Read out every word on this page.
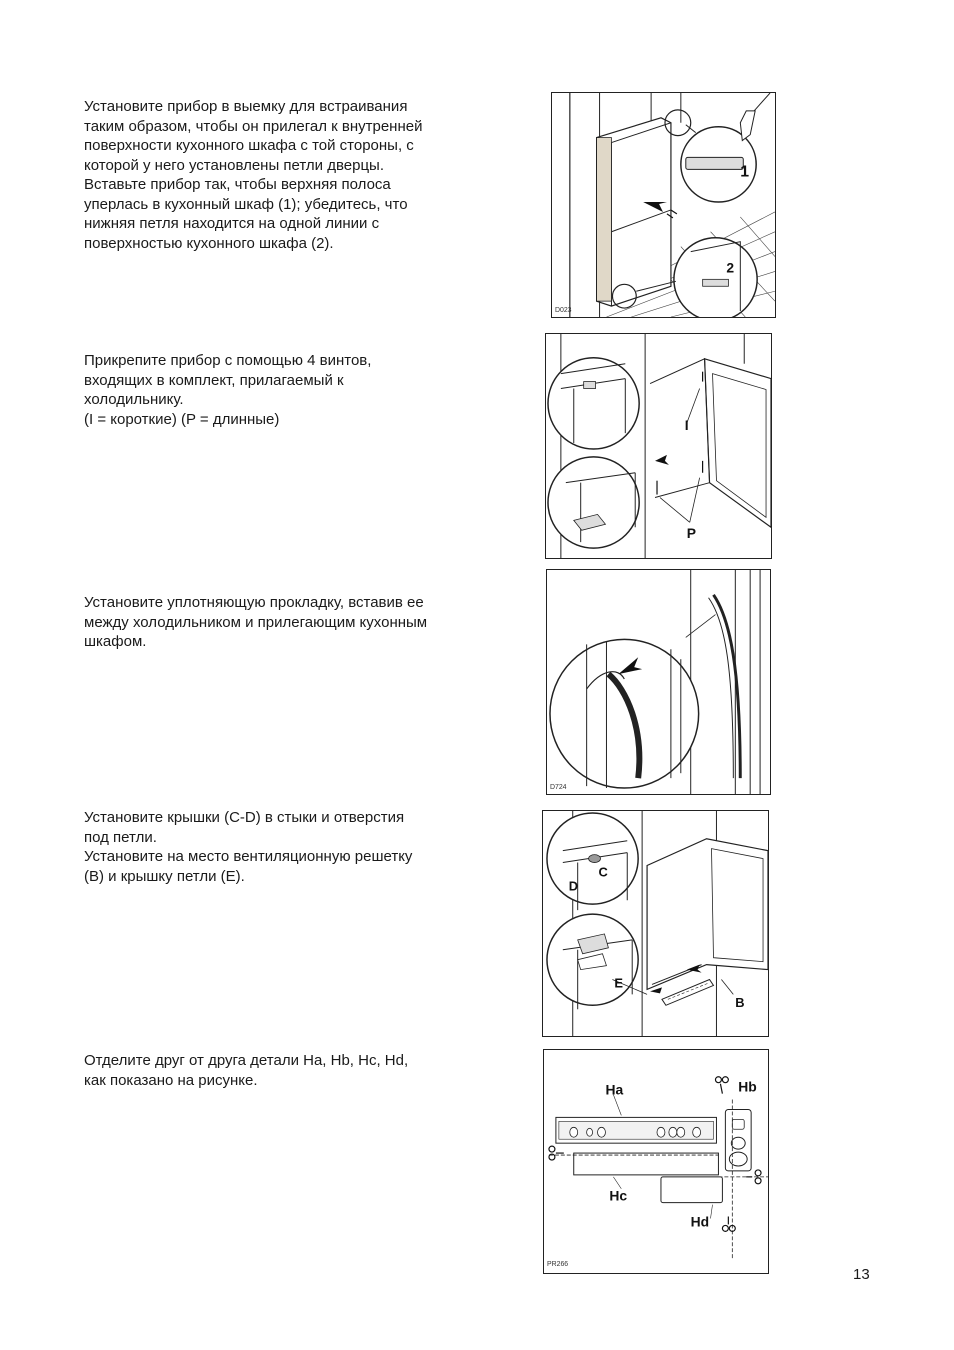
Установите прибор в выемку для встраивания

таким образом, чтобы он прилегал к внутренней

поверхности кухонного шкафа с той стороны, с

которой у него установлены петли дверцы.

Вставьте прибор так, чтобы верхняя полоса

уперлась в кухонный шкаф (1); убедитесь, что

нижняя петля находится на одной линии с

поверхностью кухонного шкафа (2).

1
2
D023

Прикрепите прибор с помощью 4 винтов,

входящих в комплект, прилагаемый к

холодильнику.

(I = короткие) (P = длинные)	I
P

Установите уплотняющую прокладку, вставив ее

между холодильником и прилегающим кухонным

шкафом.

D724

Установите крышки (C-D) в стыки и отверстия

под петли.

Установите на место вентиляционную решетку

(B) и крышку петли (E).	C
D
E
B

Отделите друг от друга детали Ha, Hb, Hc, Hd,

как показано на рисунке.

Ha	Hb
Hc
Hd
PR266
13
